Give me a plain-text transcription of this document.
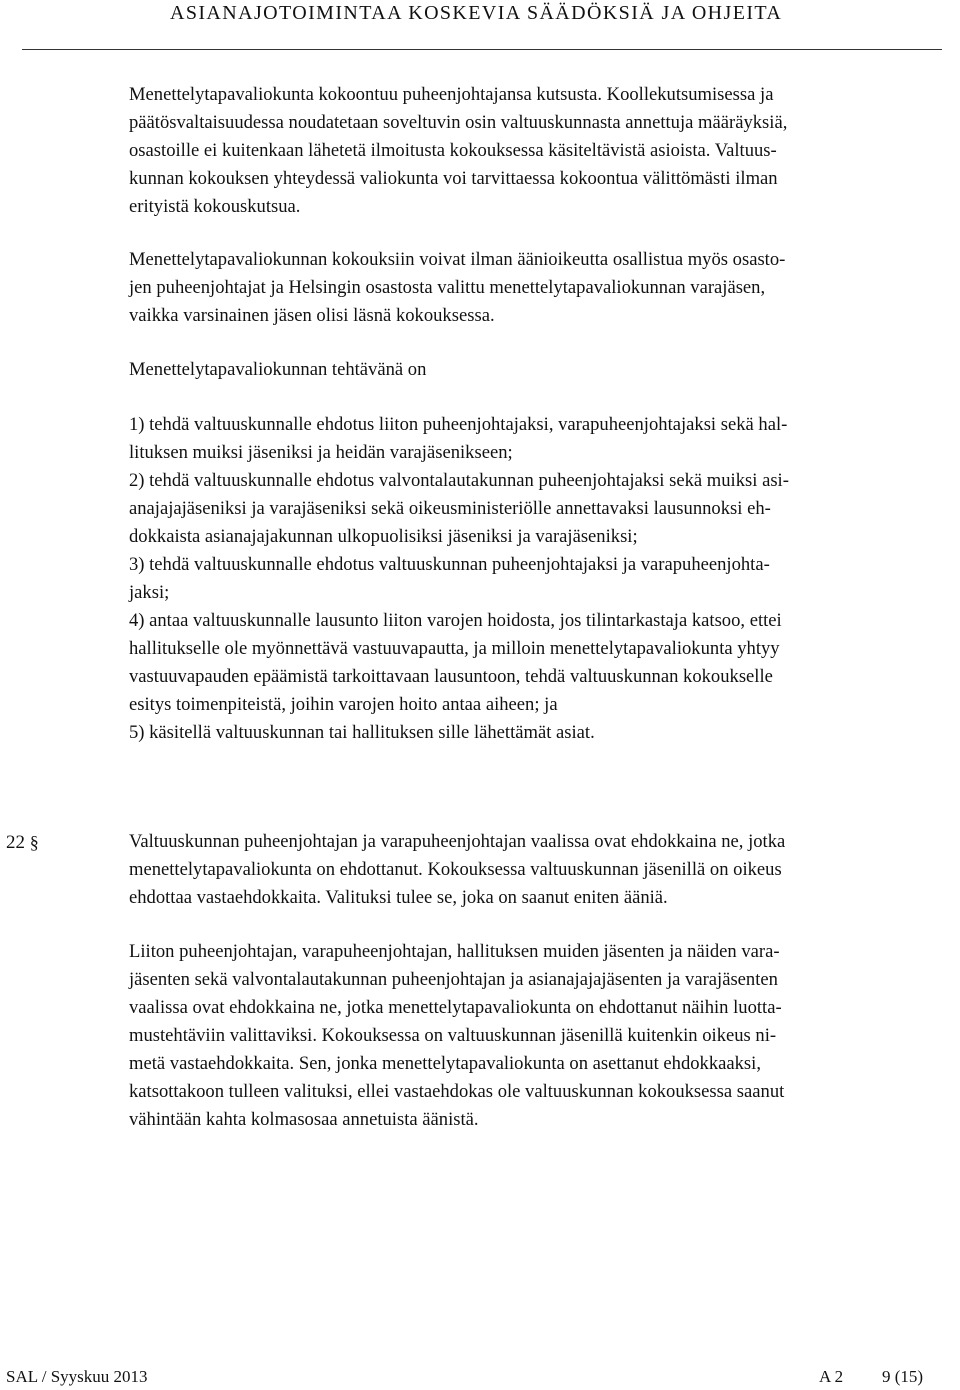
ASIANAJOTOIMINTAA KOSKEVIA SÄÄDÖKSIÄ JA OHJEITA

Menettelytapavaliokunta kokoontuu puheenjohtajansa kutsusta. Koollekutsumisessa ja

päätösvaltaisuudessa noudatetaan soveltuvin osin valtuuskunnasta annettuja määräyksiä,

osastoille ei kuitenkaan lähetetä ilmoitusta kokouksessa käsiteltävistä asioista. Valtuus-

kunnan kokouksen yhteydessä valiokunta voi tarvittaessa kokoontua välittömästi ilman

erityistä kokouskutsua.

Menettelytapavaliokunnan kokouksiin voivat ilman äänioikeutta osallistua myös osasto-

jen puheenjohtajat ja Helsingin osastosta valittu menettelytapavaliokunnan varajäsen,

vaikka varsinainen jäsen olisi läsnä kokouksessa.

Menettelytapavaliokunnan tehtävänä on

1) tehdä valtuuskunnalle ehdotus liiton puheenjohtajaksi, varapuheenjohtajaksi sekä hal-

lituksen muiksi jäseniksi ja heidän varajäsenikseen;

2) tehdä valtuuskunnalle ehdotus valvontalautakunnan puheenjohtajaksi sekä muiksi asi-

anajajajäseniksi ja varajäseniksi sekä oikeusministeriölle annettavaksi lausunnoksi eh-

dokkaista asianajajakunnan ulkopuolisiksi jäseniksi ja varajäseniksi;

3) tehdä valtuuskunnalle ehdotus valtuuskunnan puheenjohtajaksi ja varapuheenjohta-

jaksi;

4) antaa valtuuskunnalle lausunto liiton varojen hoidosta, jos tilintarkastaja katsoo, ettei

hallitukselle ole myönnettävä vastuuvapautta, ja milloin menettelytapavaliokunta yhtyy

vastuuvapauden epäämistä tarkoittavaan lausuntoon, tehdä valtuuskunnan kokoukselle

esitys toimenpiteistä, joihin varojen hoito antaa aiheen; ja

5) käsitellä valtuuskunnan tai hallituksen sille lähettämät asiat.

22 §	Valtuuskunnan puheenjohtajan ja varapuheenjohtajan vaalissa ovat ehdokkaina ne, jotka

menettelytapavaliokunta on ehdottanut. Kokouksessa valtuuskunnan jäsenillä on oikeus

ehdottaa vastaehdokkaita. Valituksi tulee se, joka on saanut eniten ääniä.

Liiton puheenjohtajan, varapuheenjohtajan, hallituksen muiden jäsenten ja näiden vara-

jäsenten sekä valvontalautakunnan puheenjohtajan ja asianajajajäsenten ja varajäsenten

vaalissa ovat ehdokkaina ne, jotka menettelytapavaliokunta on ehdottanut näihin luotta-

mustehtäviin valittaviksi. Kokouksessa on valtuuskunnan jäsenillä kuitenkin oikeus ni-

metä vastaehdokkaita. Sen, jonka menettelytapavaliokunta on asettanut ehdokkaaksi,

katsottakoon tulleen valituksi, ellei vastaehdokas ole valtuuskunnan kokouksessa saanut

vähintään kahta kolmasosaa annetuista äänistä.

SAL / Syyskuu 2013	A 2 9 (15)
